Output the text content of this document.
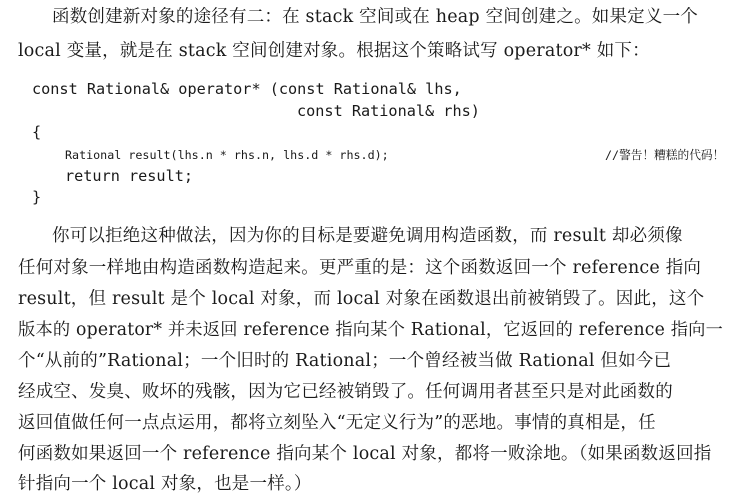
函数创建新对象的途径有二：在 stack 空间或在 heap 空间创建之。如果定义一个
local 变量，就是在 stack 空间创建对象。根据这个策略试写 operator* 如下：
const Rational& operator* (const Rational& lhs,
const Rational& rhs)
{
Rational result(lhs.n * rhs.n, lhs.d * rhs.d);	//警告！糟糕的代码！
return result;
}
你可以拒绝这种做法，因为你的目标是要避免调用构造函数，而 result 却必须像
任何对象一样地由构造函数构造起来。更严重的是：这个函数返回一个 reference 指向
result，但 result 是个 local 对象，而 local 对象在函数退出前被销毁了。因此，这个
版本的 operator* 并未返回 reference 指向某个 Rational，它返回的 reference 指向一
个“从前的”Rational；一个旧时的 Rational；一个曾经被当做 Rational 但如今已
经成空、发臭、败坏的残骸，因为它已经被销毁了。任何调用者甚至只是对此函数的
返回值做任何一点点运用，都将立刻坠入“无定义行为”的恶地。事情的真相是，任
何函数如果返回一个 reference 指向某个 local 对象，都将一败涂地。（如果函数返回指
针指向一个 local 对象，也是一样。）
